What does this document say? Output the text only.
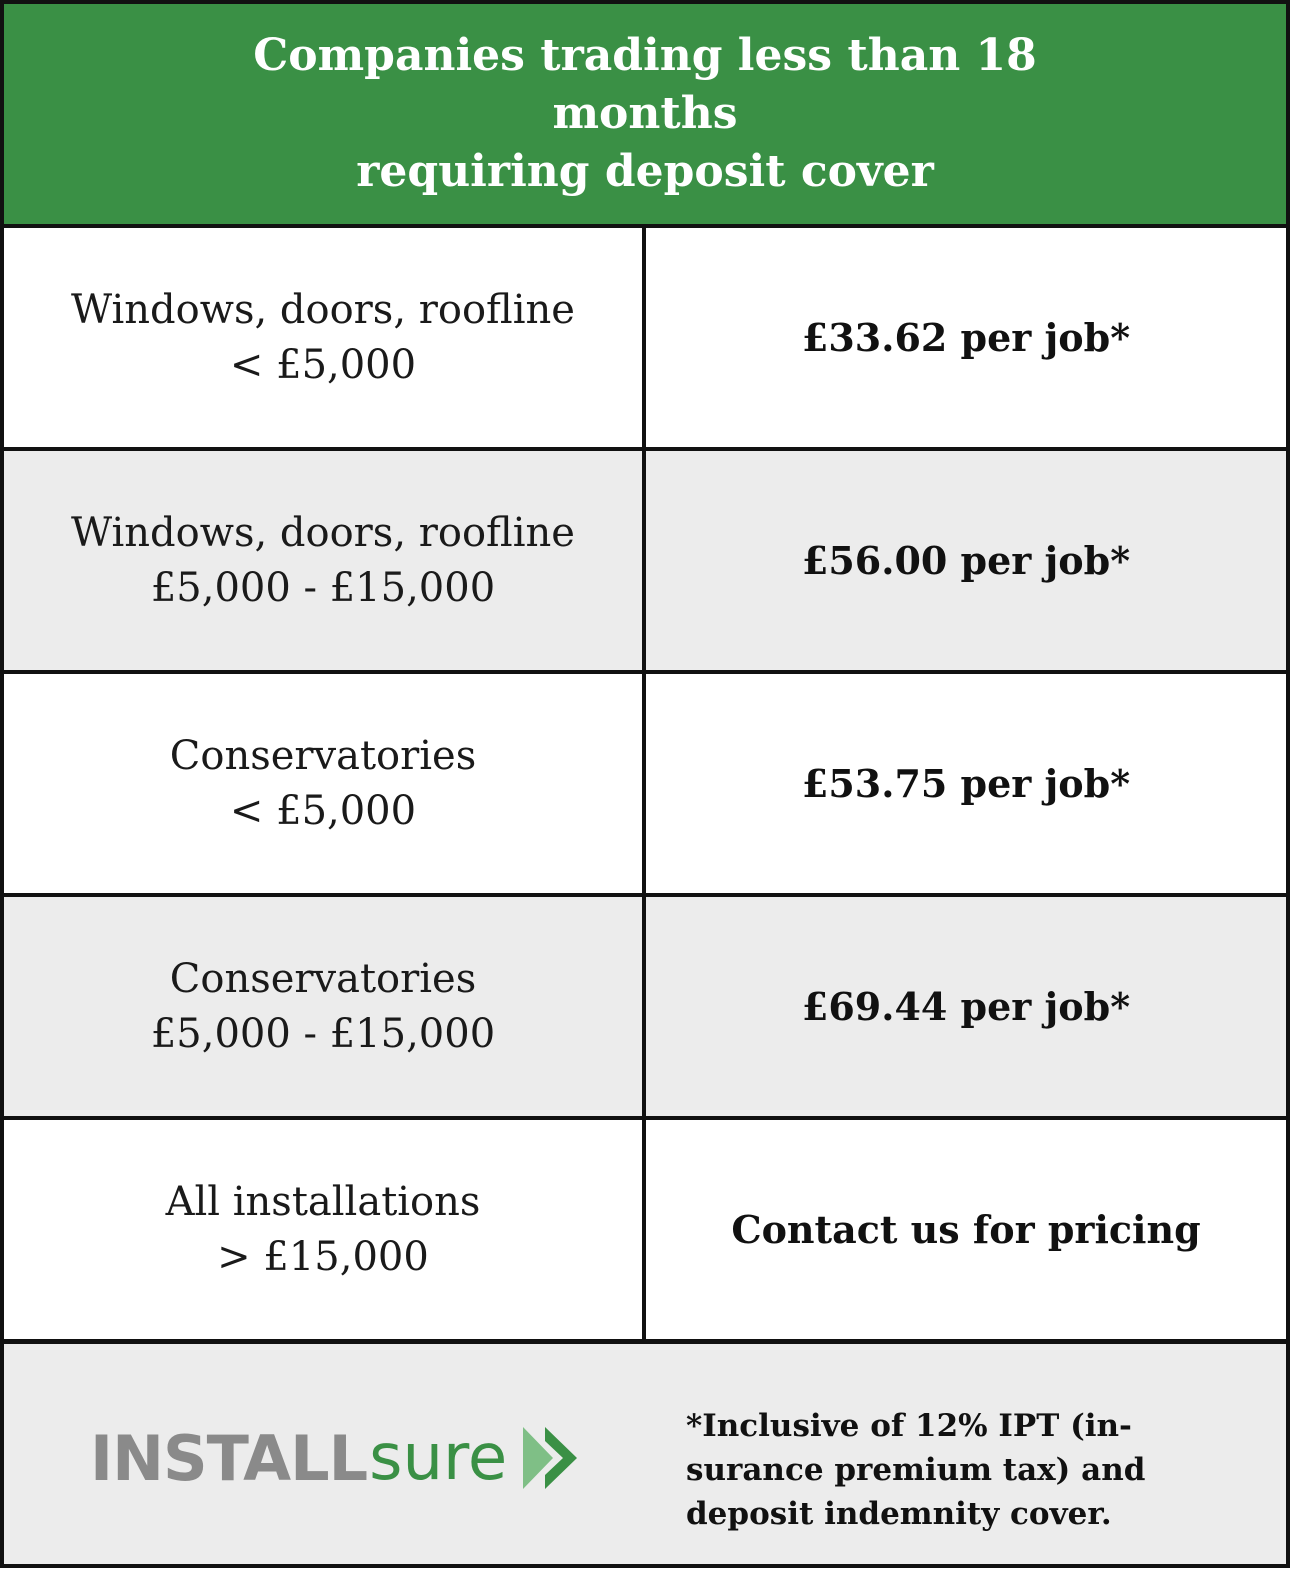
Companies trading less than 18 months
requiring deposit cover
Windows, doors, roofline
< £5,000
£33.62 per job*
Windows, doors, roofline
£5,000 - £15,000
£56.00 per job*
Conservatories
< £5,000
£53.75 per job*
Conservatories
£5,000 - £15,000
£69.44 per job*
All installations
> £15,000
Contact us for pricing
INSTALL sure	*Inclusive of 12% IPT (in-surance premium tax) and deposit indemnity cover.
